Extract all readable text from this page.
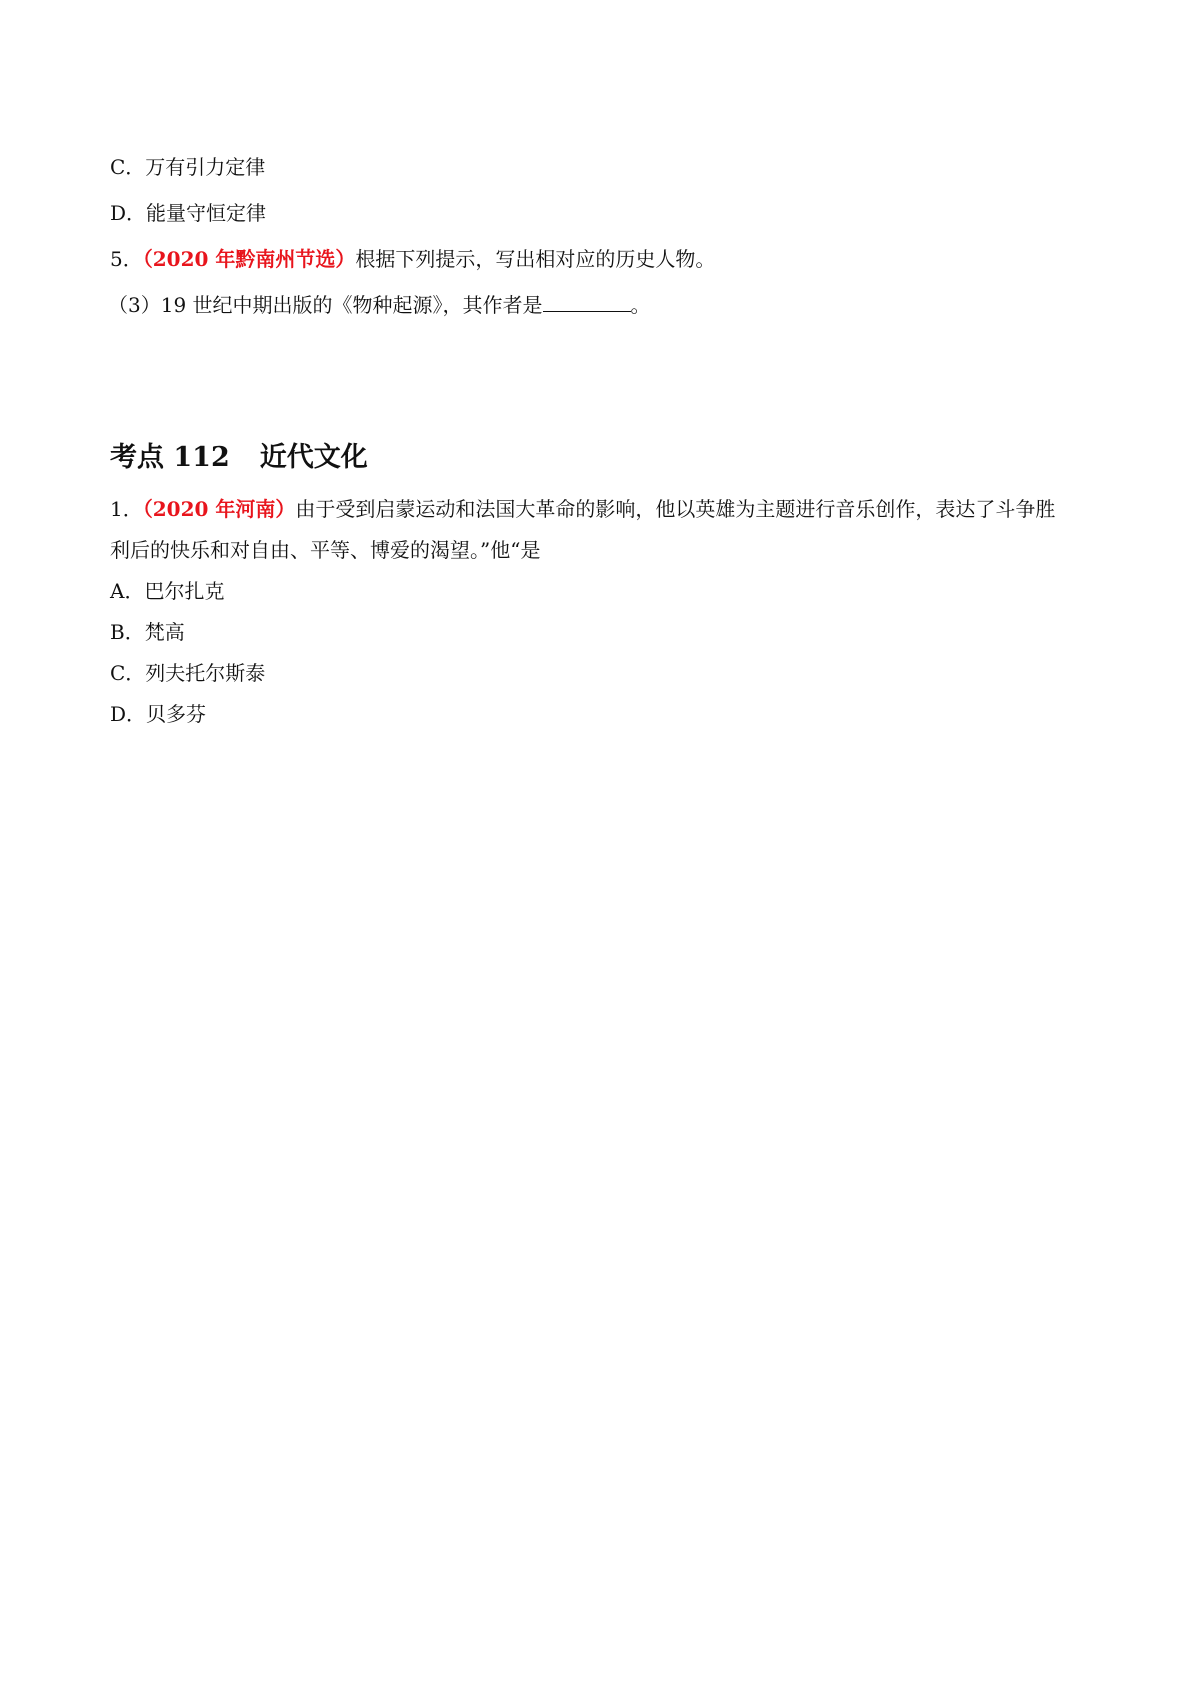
C．万有引力定律
D．能量守恒定律
5．（2020 年黔南州节选）根据下列提示，写出相对应的历史人物。
（3）19 世纪中期出版的《物种起源》，其作者是	。
考点 112 近代文化
1．（2020 年河南）由于受到启蒙运动和法国大革命的影响，他以英雄为主题进行音乐创作，表达了斗争胜
利后的快乐和对自由、平等、博爱的渴望。”他“是
A．巴尔扎克
B．梵高
C．列夫托尔斯泰
D．贝多芬
